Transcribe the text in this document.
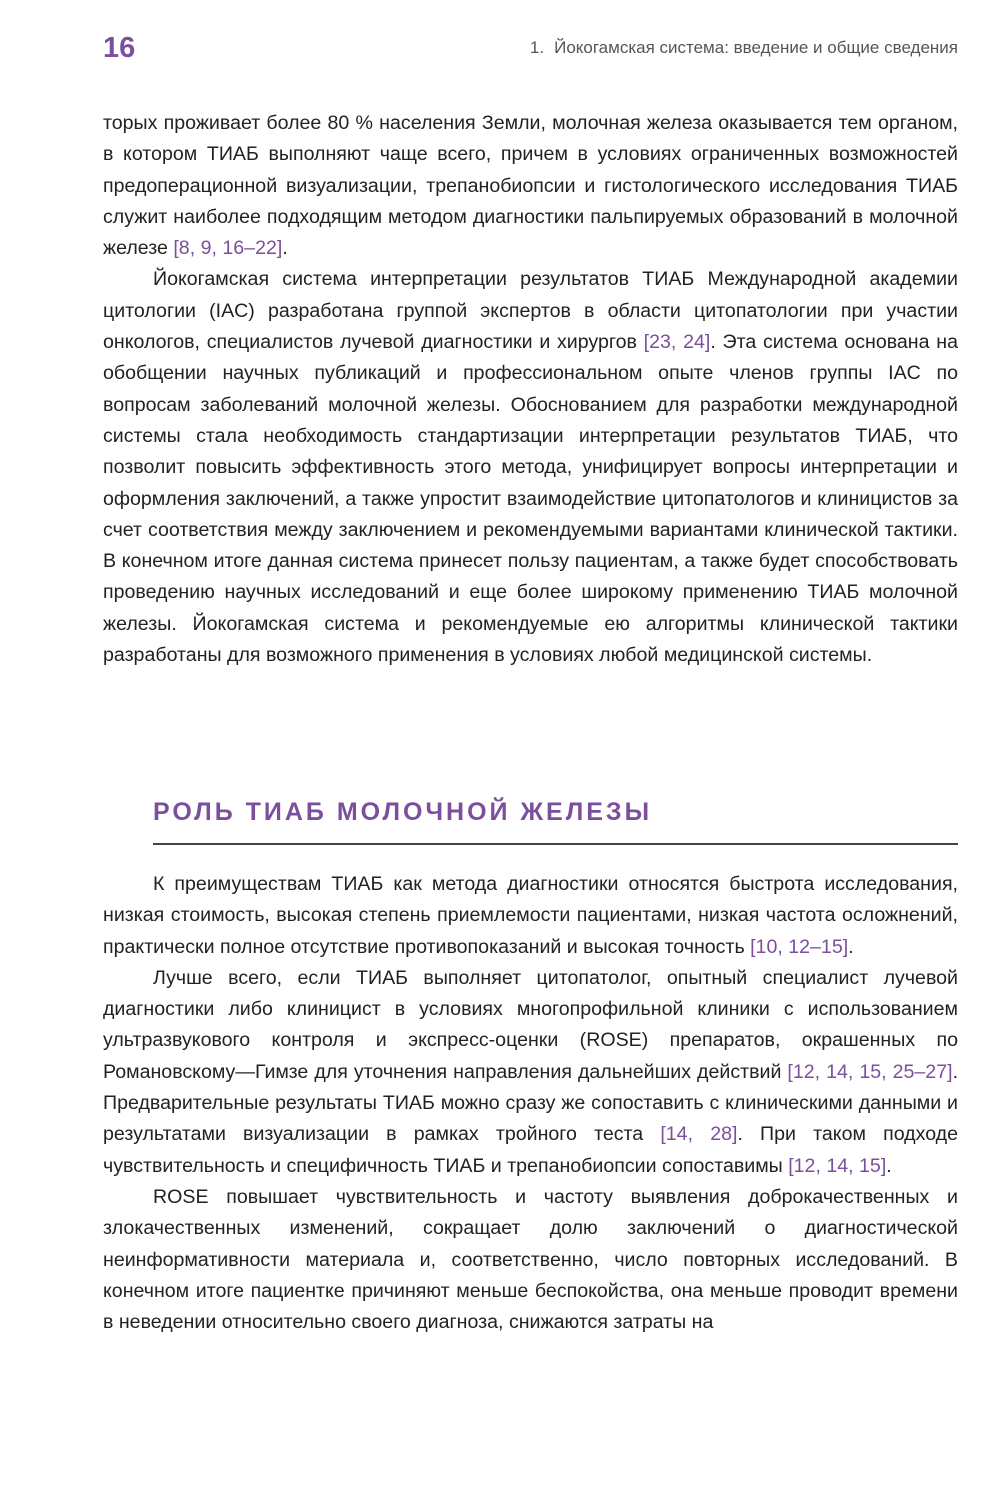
16	1. Йокогамская система: введение и общие сведения

торых проживает более 80 % населения Земли, молочная железа оказывается тем органом, в котором ТИАБ выполняют чаще всего, причем в условиях ограниченных возможностей предоперационной визуализации, трепанобиопсии и гистологического исследования ТИАБ служит наиболее подходящим методом диагностики пальпируемых образований в молочной железе [8, 9, 16–22].

Йокогамская система интерпретации результатов ТИАБ Международной академии цитологии (IAC) разработана группой экспертов в области цитопатологии при участии онкологов, специалистов лучевой диагностики и хирургов [23, 24]. Эта система основана на обобщении научных публикаций и профессиональном опыте членов группы IAC по вопросам заболеваний молочной железы. Обоснованием для разработки международной системы стала необходимость стандартизации интерпретации результатов ТИАБ, что позволит повысить эффективность этого метода, унифицирует вопросы интерпретации и оформления заключений, а также упростит взаимодействие цитопатологов и клиницистов за счет соответствия между заключением и рекомендуемыми вариантами клинической тактики. В конечном итоге данная система принесет пользу пациентам, а также будет способствовать проведению научных исследований и еще более широкому применению ТИАБ молочной железы. Йокогамская система и рекомендуемые ею алгоритмы клинической тактики разработаны для возможного применения в условиях любой медицинской системы.

РОЛЬ ТИАБ МОЛОЧНОЙ ЖЕЛЕЗЫ

К преимуществам ТИАБ как метода диагностики относятся быстрота исследования, низкая стоимость, высокая степень приемлемости пациентами, низкая частота осложнений, практически полное отсутствие противопоказаний и высокая точность [10, 12–15].

Лучше всего, если ТИАБ выполняет цитопатолог, опытный специалист лучевой диагностики либо клиницист в условиях многопрофильной клиники с использованием ультразвукового контроля и экспресс-оценки (ROSE) препаратов, окрашенных по Романовскому—Гимзе для уточнения направления дальнейших действий [12, 14, 15, 25–27]. Предварительные результаты ТИАБ можно сразу же сопоставить с клиническими данными и результатами визуализации в рамках тройного теста [14, 28]. При таком подходе чувствительность и специфичность ТИАБ и трепанобиопсии сопоставимы [12, 14, 15].

ROSE повышает чувствительность и частоту выявления доброкачественных и злокачественных изменений, сокращает долю заключений о диагностической неинформативности материала и, соответственно, число повторных исследований. В конечном итоге пациентке причиняют меньше беспокойства, она меньше проводит времени в неведении относительно своего диагноза, снижаются затраты на
